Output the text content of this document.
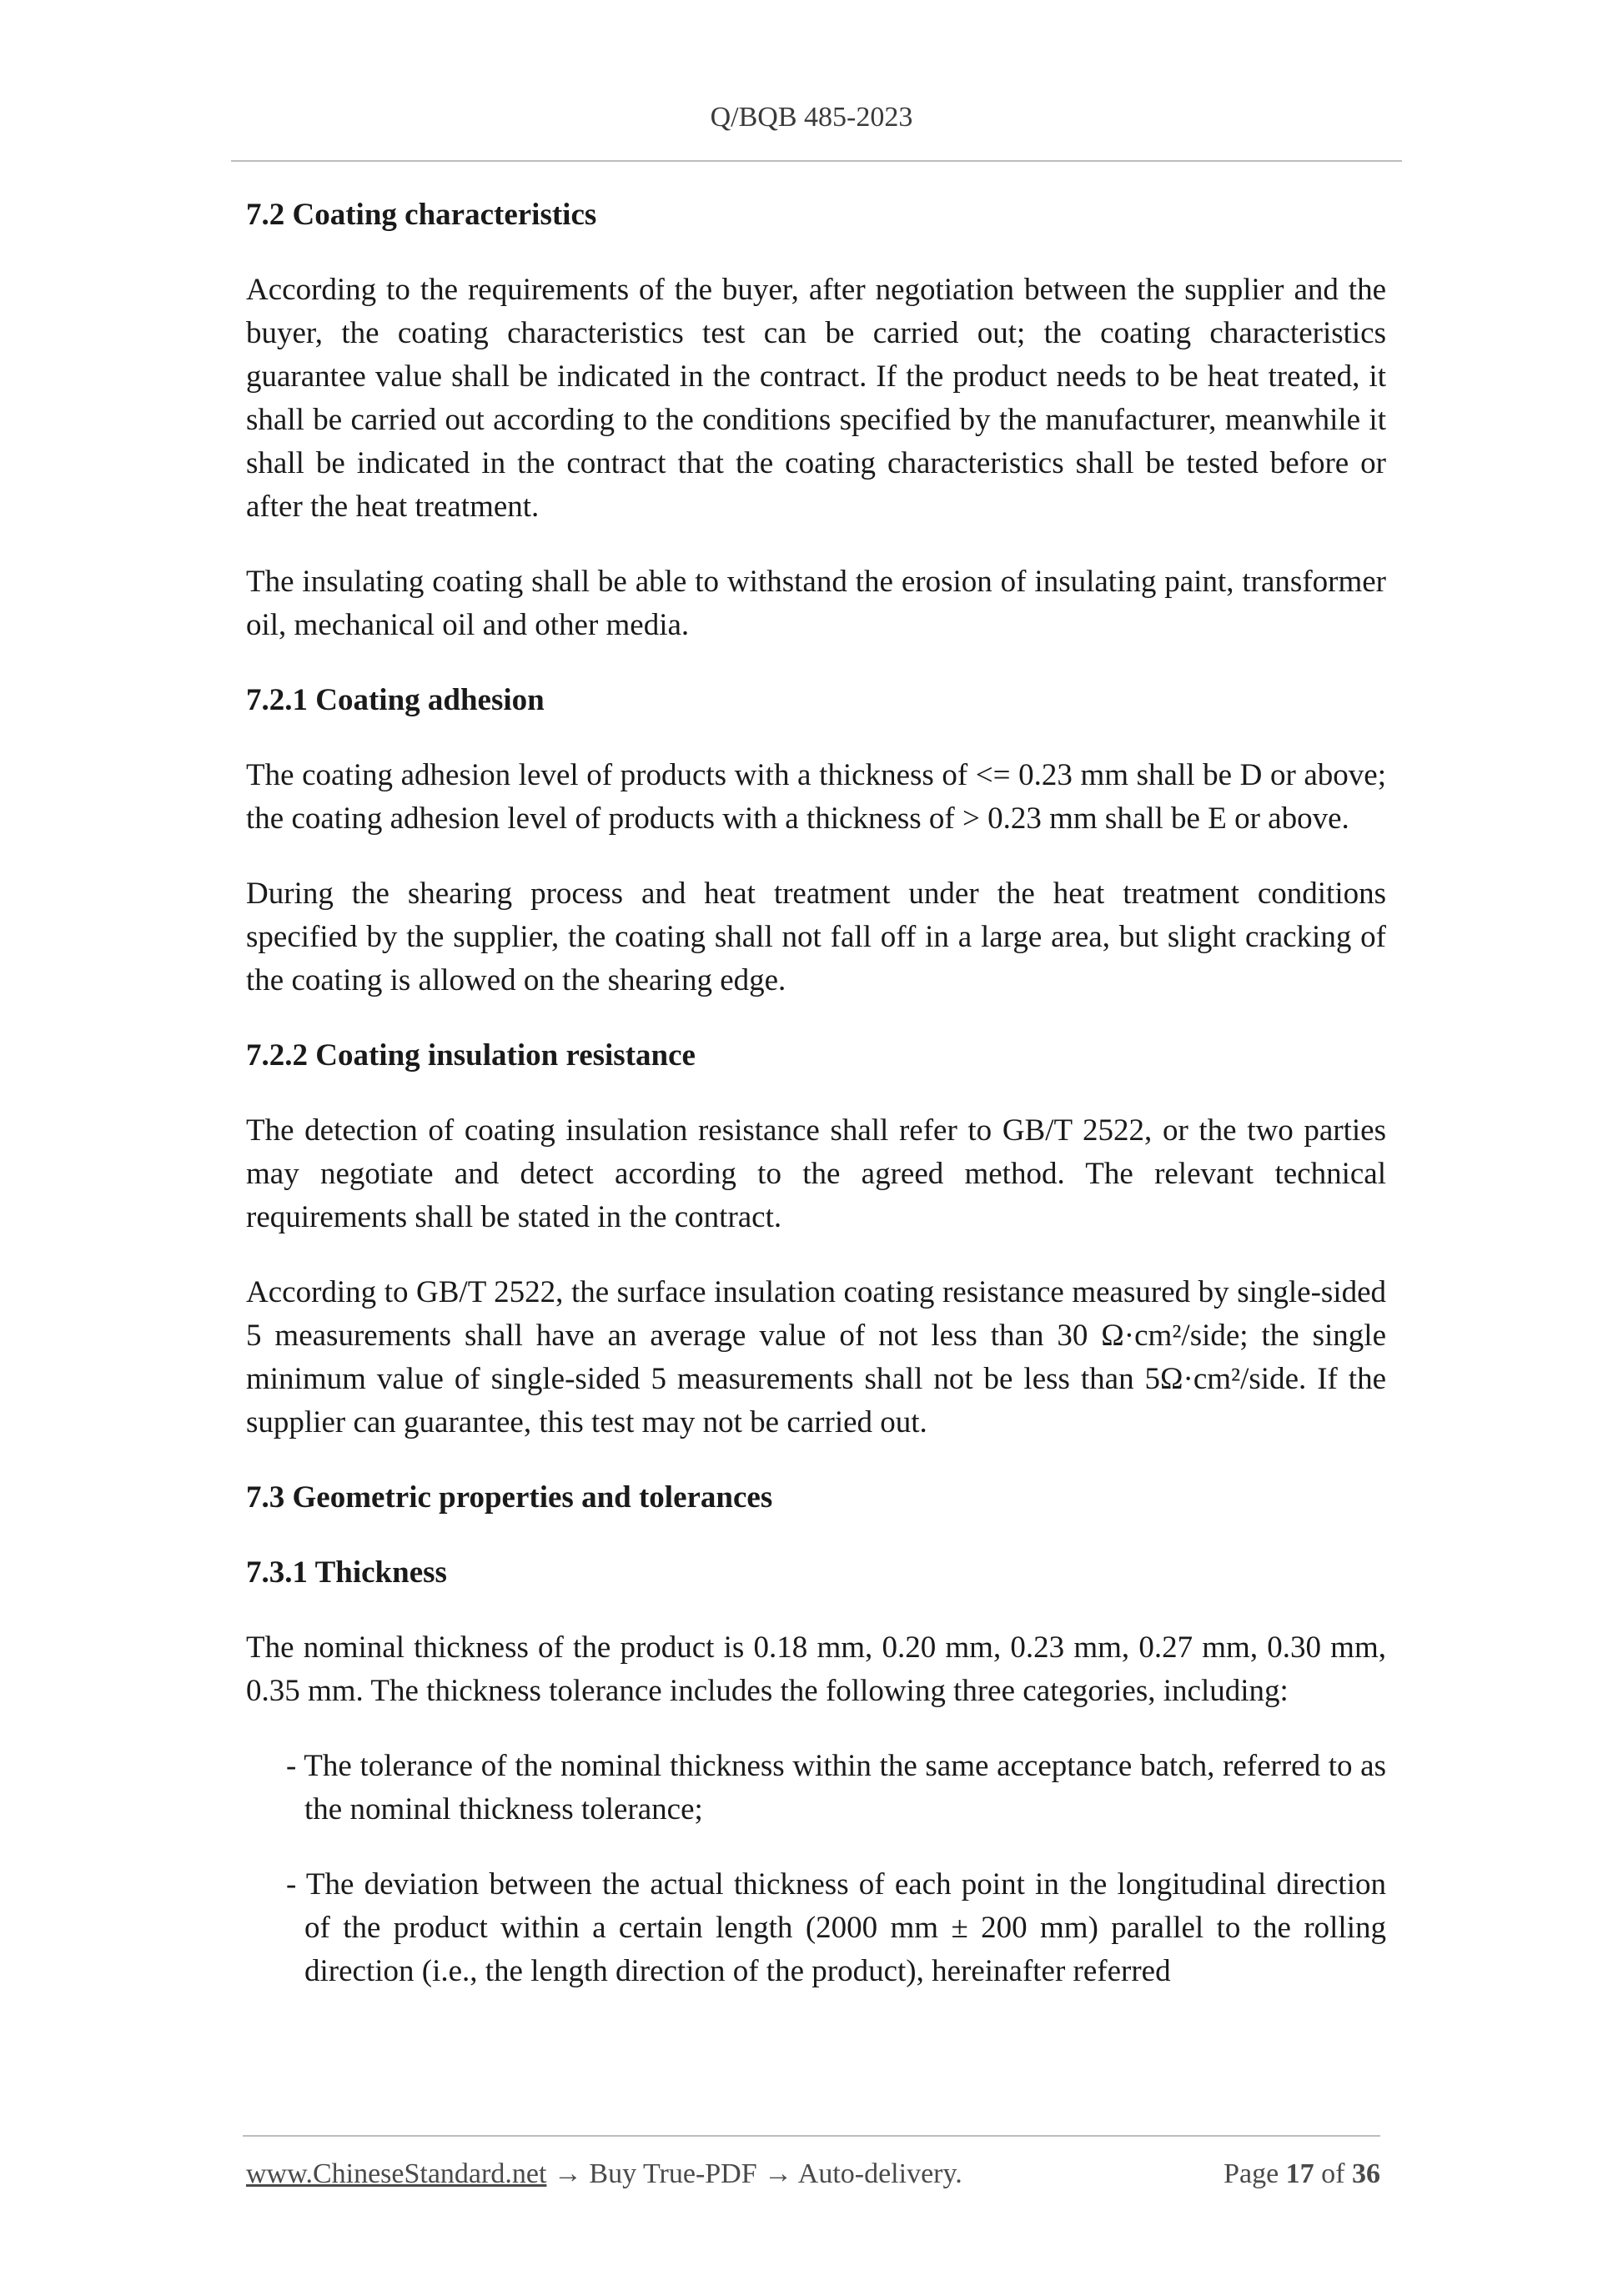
Q/BQB 485-2023
7.2 Coating characteristics

According to the requirements of the buyer, after negotiation between the supplier and the buyer, the coating characteristics test can be carried out; the coating characteristics guarantee value shall be indicated in the contract. If the product needs to be heat treated, it shall be carried out according to the conditions specified by the manufacturer, meanwhile it shall be indicated in the contract that the coating characteristics shall be tested before or after the heat treatment.

The insulating coating shall be able to withstand the erosion of insulating paint, transformer oil, mechanical oil and other media.

7.2.1 Coating adhesion

The coating adhesion level of products with a thickness of <= 0.23 mm shall be D or above; the coating adhesion level of products with a thickness of > 0.23 mm shall be E or above.

During the shearing process and heat treatment under the heat treatment conditions specified by the supplier, the coating shall not fall off in a large area, but slight cracking of the coating is allowed on the shearing edge.

7.2.2 Coating insulation resistance

The detection of coating insulation resistance shall refer to GB/T 2522, or the two parties may negotiate and detect according to the agreed method. The relevant technical requirements shall be stated in the contract.

According to GB/T 2522, the surface insulation coating resistance measured by single-sided 5 measurements shall have an average value of not less than 30 Ω·cm²/side; the single minimum value of single-sided 5 measurements shall not be less than 5Ω·cm²/side. If the supplier can guarantee, this test may not be carried out.

7.3 Geometric properties and tolerances
7.3.1 Thickness

The nominal thickness of the product is 0.18 mm, 0.20 mm, 0.23 mm, 0.27 mm, 0.30 mm, 0.35 mm. The thickness tolerance includes the following three categories, including:

- The tolerance of the nominal thickness within the same acceptance batch, referred to as the nominal thickness tolerance;
- The deviation between the actual thickness of each point in the longitudinal direction of the product within a certain length (2000 mm ± 200 mm) parallel to the rolling direction (i.e., the length direction of the product), hereinafter referred
www.ChineseStandard.net → Buy True-PDF → Auto-delivery.	Page 17 of 36
